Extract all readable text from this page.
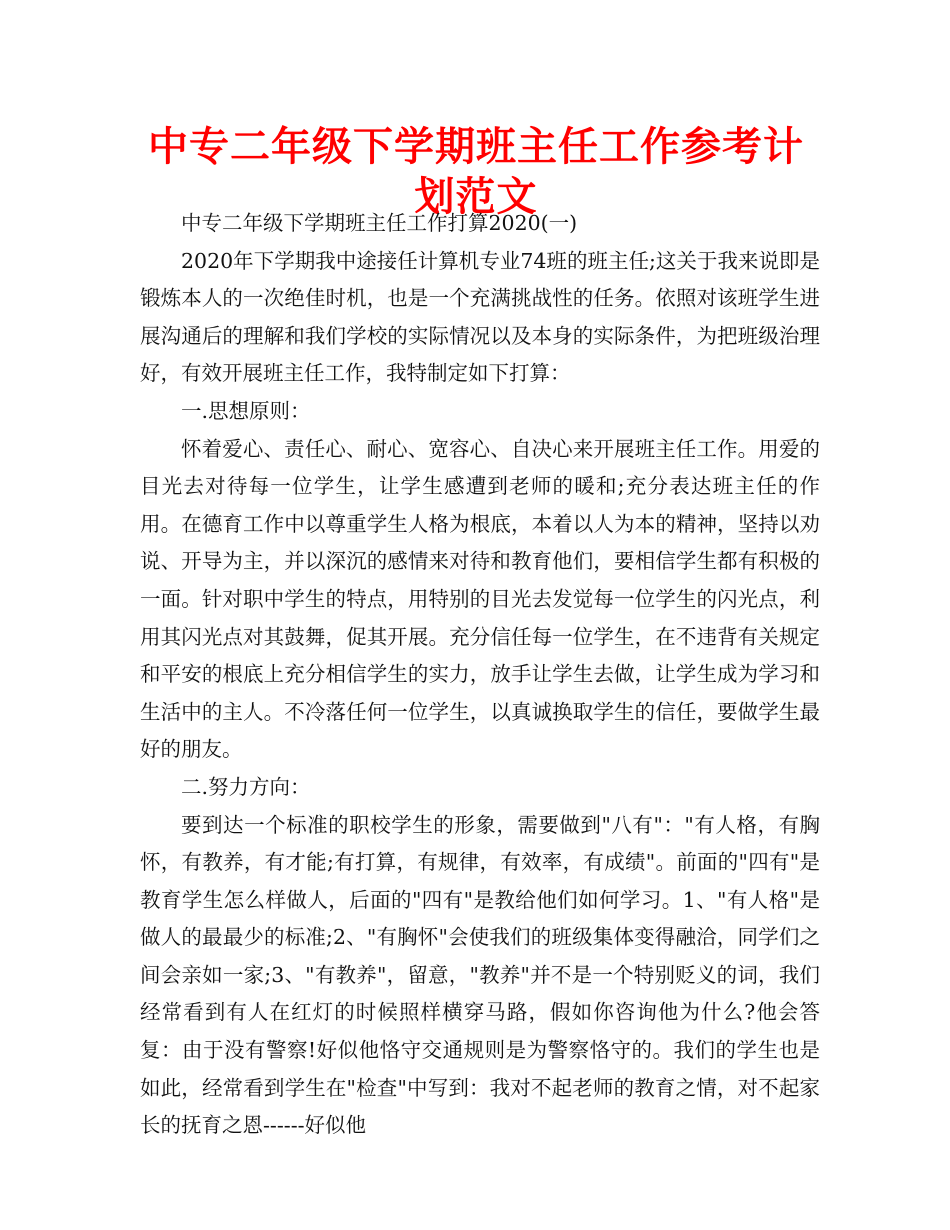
中专二年级下学期班主任工作参考计划范文

中专二年级下学期班主任工作打算2020(一)

2020年下学期我中途接任计算机专业74班的班主任;这关于我来说即是锻炼本人的一次绝佳时机，也是一个充满挑战性的任务。依照对该班学生进展沟通后的理解和我们学校的实际情况以及本身的实际条件，为把班级治理好，有效开展班主任工作，我特制定如下打算：

一.思想原则：

怀着爱心、责任心、耐心、宽容心、自决心来开展班主任工作。用爱的目光去对待每一位学生，让学生感遭到老师的暖和;充分表达班主任的作用。在德育工作中以尊重学生人格为根底，本着以人为本的精神，坚持以劝说、开导为主，并以深沉的感情来对待和教育他们，要相信学生都有积极的一面。针对职中学生的特点，用特别的目光去发觉每一位学生的闪光点，利用其闪光点对其鼓舞，促其开展。充分信任每一位学生，在不违背有关规定和平安的根底上充分相信学生的实力，放手让学生去做，让学生成为学习和生活中的主人。不冷落任何一位学生，以真诚换取学生的信任，要做学生最好的朋友。

二.努力方向：

要到达一个标准的职校学生的形象，需要做到"八有"："有人格，有胸怀，有教养，有才能;有打算，有规律，有效率，有成绩"。前面的"四有"是教育学生怎么样做人，后面的"四有"是教给他们如何学习。1、"有人格"是做人的最最少的标准;2、"有胸怀"会使我们的班级集体变得融洽，同学们之间会亲如一家;3、"有教养"，留意，"教养"并不是一个特别贬义的词，我们经常看到有人在红灯的时候照样横穿马路，假如你咨询他为什么?他会答复：由于没有警察!好似他恪守交通规则是为警察恪守的。我们的学生也是如此，经常看到学生在"检查"中写到：我对不起老师的教育之情，对不起家长的抚育之恩------好似他
